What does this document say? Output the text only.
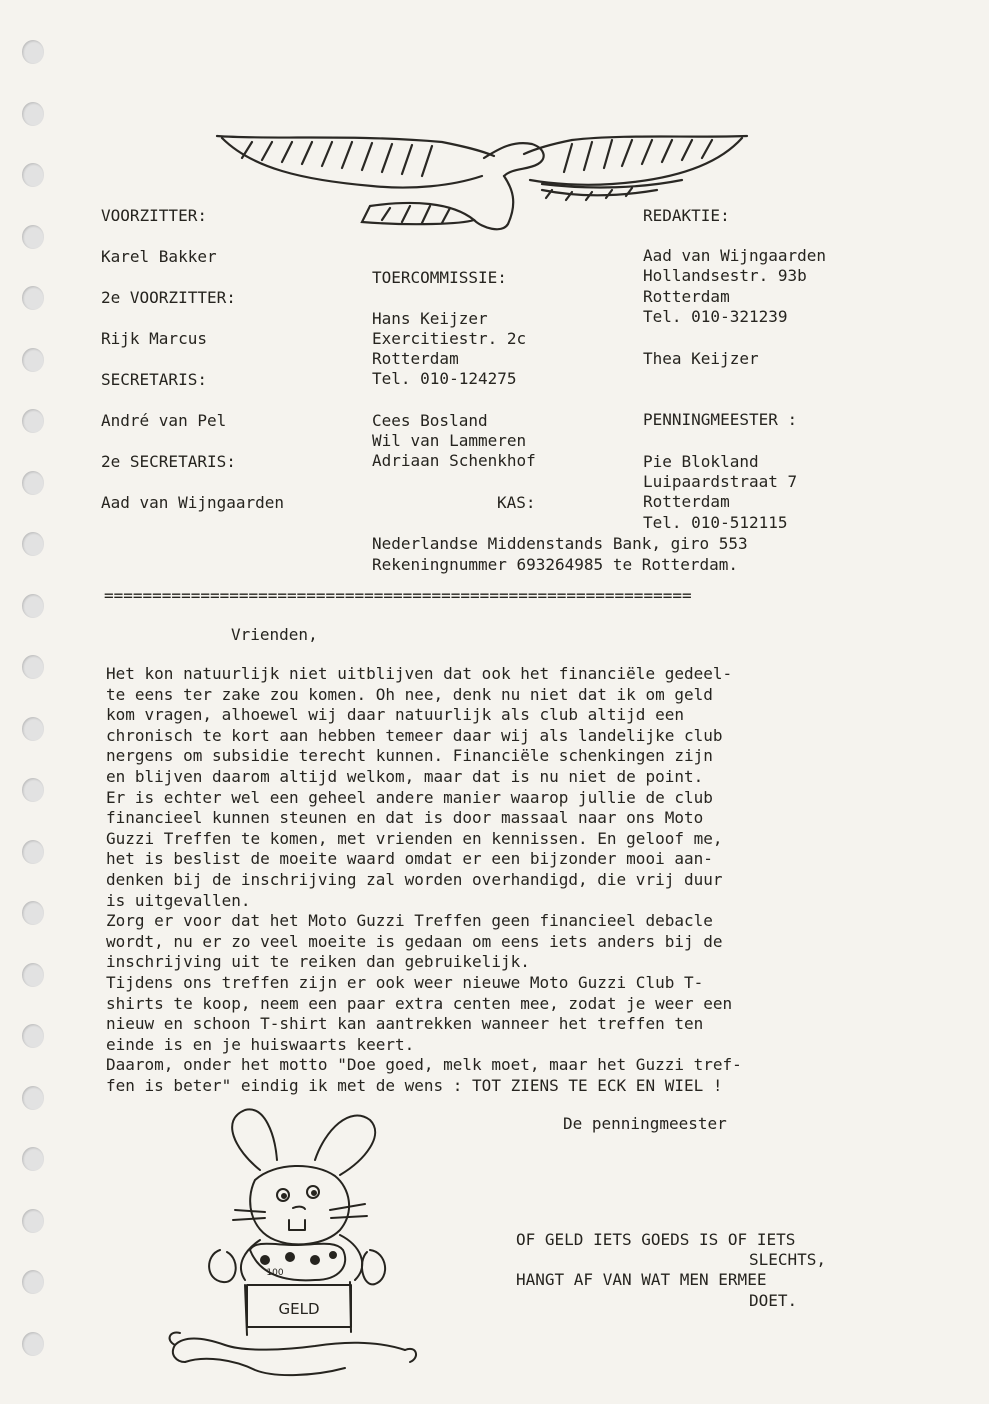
VOORZITTER:
Karel Bakker
2e VOORZITTER:
Rijk Marcus
SECRETARIS:
André van Pel
2e SECRETARIS:
Aad van Wijngaarden
TOERCOMMISSIE:
Hans Keijzer
Exercitiestr. 2c
Rotterdam
Tel. 010-124275
Cees Bosland
Wil van Lammeren
Adriaan Schenkhof
KAS:
REDAKTIE:
Aad van Wijngaarden
Hollandsestr. 93b
Rotterdam
Tel. 010-321239
Thea Keijzer
PENNINGMEESTER :
Pie Blokland
Luipaardstraat 7
Rotterdam
Tel. 010-512115
Nederlandse Middenstands Bank, giro 553
Rekeningnummer 693264985 te Rotterdam.
=============================================================
Vrienden,
Het kon natuurlijk niet uitblijven dat ook het financiële gedeel-
te eens ter zake zou komen. Oh nee, denk nu niet dat ik om geld
kom vragen, alhoewel wij daar natuurlijk als club altijd een
chronisch te kort aan hebben temeer daar wij als landelijke club
nergens om subsidie terecht kunnen. Financiële schenkingen zijn
en blijven daarom altijd welkom, maar dat is nu niet de point.
Er is echter wel een geheel andere manier waarop jullie de club
financieel kunnen steunen en dat is door massaal naar ons Moto
Guzzi Treffen te komen, met vrienden en kennissen. En geloof me,
het is beslist de moeite waard omdat er een bijzonder mooi aan-
denken bij de inschrijving zal worden overhandigd, die vrij duur
is uitgevallen.
Zorg er voor dat het Moto Guzzi Treffen geen financieel debacle
wordt, nu er zo veel moeite is gedaan om eens iets anders bij de
inschrijving uit te reiken dan gebruikelijk.
Tijdens ons treffen zijn er ook weer nieuwe Moto Guzzi Club T-
shirts te koop, neem een paar extra centen mee, zodat je weer een
nieuw en schoon T-shirt kan aantrekken wanneer het treffen ten
einde is en je huiswaarts keert.
Daarom, onder het motto "Doe goed, melk moet, maar het Guzzi tref-
fen is beter" eindig ik met de wens : TOT ZIENS TE ECK EN WIEL !
De penningmeester
OF GELD IETS GOEDS IS OF IETS
SLECHTS,
HANGT AF VAN WAT MEN ERMEE
DOET.
GELD
100
